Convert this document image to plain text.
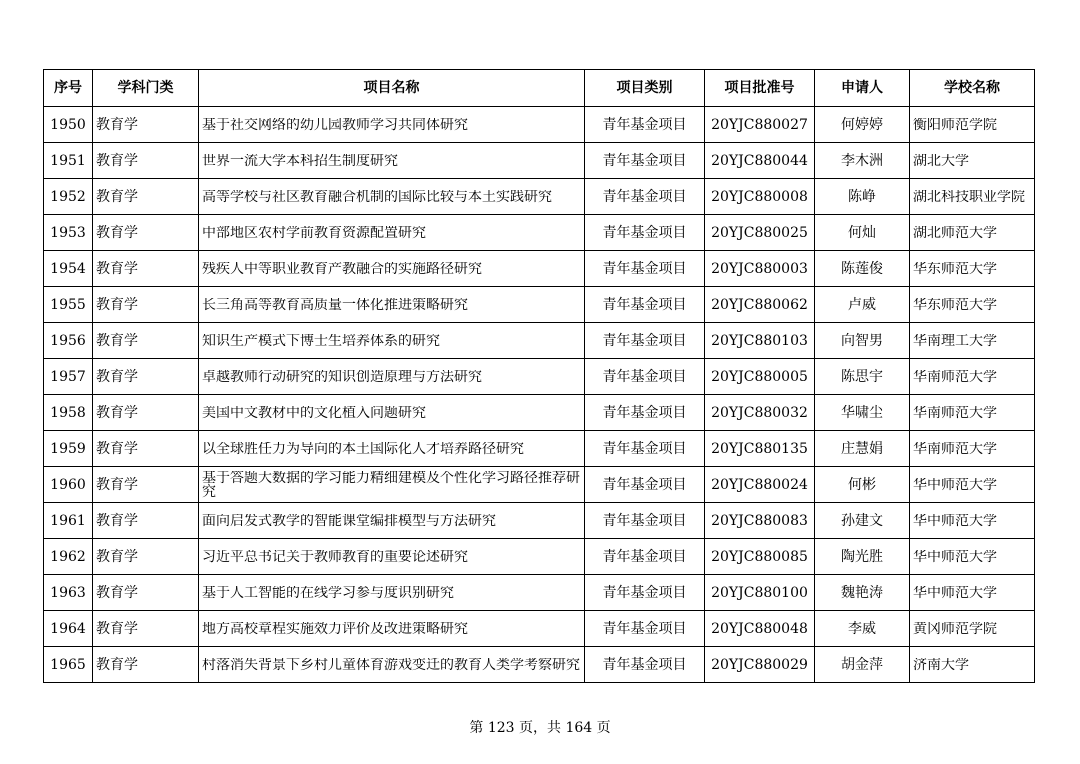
序号	学科门类	项目名称	项目类别	项目批准号	申请人	学校名称
1950	教育学	基于社交网络的幼儿园教师学习共同体研究	青年基金项目	20YJC880027	何婷婷	衡阳师范学院

1951	教育学	世界一流大学本科招生制度研究	青年基金项目	20YJC880044	李木洲	湖北大学

1952	教育学	高等学校与社区教育融合机制的国际比较与本土实践研究	青年基金项目	20YJC880008	陈峥	湖北科技职业学院

1953	教育学	中部地区农村学前教育资源配置研究	青年基金项目	20YJC880025	何灿	湖北师范大学

1954	教育学	残疾人中等职业教育产教融合的实施路径研究	青年基金项目	20YJC880003	陈莲俊	华东师范大学

1955	教育学	长三角高等教育高质量一体化推进策略研究	青年基金项目	20YJC880062	卢威	华东师范大学

1956	教育学	知识生产模式下博士生培养体系的研究	青年基金项目	20YJC880103	向智男	华南理工大学

1957	教育学	卓越教师行动研究的知识创造原理与方法研究	青年基金项目	20YJC880005	陈思宇	华南师范大学

1958	教育学	美国中文教材中的文化植入问题研究	青年基金项目	20YJC880032	华啸尘	华南师范大学

1959	教育学	以全球胜任力为导向的本土国际化人才培养路径研究	青年基金项目	20YJC880135	庄慧娟	华南师范大学

1960	教育学	基于答题大数据的学习能力精细建模及个性化学习路径推荐研究	青年基金项目	20YJC880024	何彬	华中师范大学

1961	教育学	面向启发式教学的智能课堂编排模型与方法研究	青年基金项目	20YJC880083	孙建文	华中师范大学

1962	教育学	习近平总书记关于教师教育的重要论述研究	青年基金项目	20YJC880085	陶光胜	华中师范大学

1963	教育学	基于人工智能的在线学习参与度识别研究	青年基金项目	20YJC880100	魏艳涛	华中师范大学

1964	教育学	地方高校章程实施效力评价及改进策略研究	青年基金项目	20YJC880048	李威	黄冈师范学院

1965	教育学	村落消失背景下乡村儿童体育游戏变迁的教育人类学考察研究	青年基金项目	20YJC880029	胡金萍	济南大学
第 123 页，共 164 页
